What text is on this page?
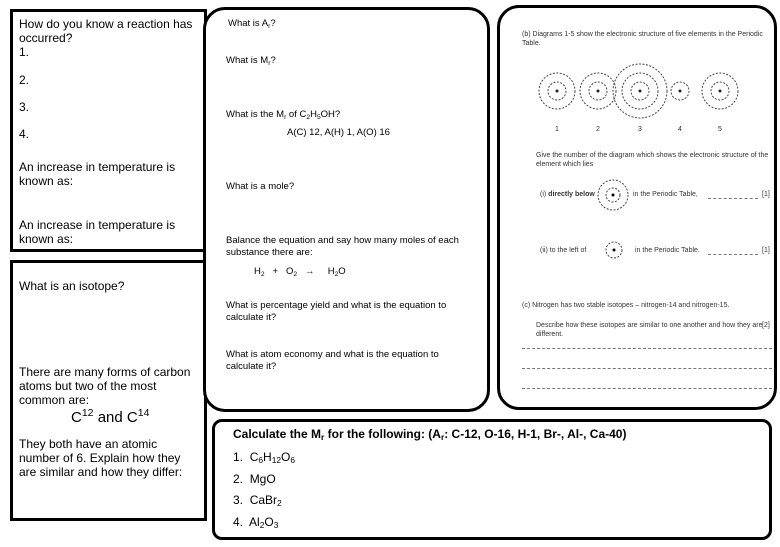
How do you know a reaction has occurred?
1.
2.
3.
4.
An increase in temperature is known as:
An increase in temperature is known as:
What is an isotope?
There are many forms of carbon atoms but two of the most common are:
$C^{12}$ and $C^{14}$
They both have an atomic number of 6. Explain how they are similar and how they differ:
What is $A_r$?
What is $M_r$?
What is the $M_r$ of $C_2H_5OH$?
A(C) 12, A(H) 1, A(O) 16
What is a mole?
Balance the equation and say how many moles of each substance there are:
$H_2 + O_2 \to H_2O$
What is percentage yield and what is the equation to calculate it?
What is atom economy and what is the equation to calculate it?
(b) Diagrams 1-5 show the electronic structure of five elements in the Periodic Table.
1	2	3	4	5
Give the number of the diagram which shows the electronic structure of the element which lies
(i) directly below	in the Periodic Table,	[1]
(ii) to the left of	in the Periodic Table.	[1]
(c) Nitrogen has two stable isotopes – nitrogen-14 and nitrogen-15.
Describe how these isotopes are similar to one another and how they are different.
[2]
Calculate the $M_r$ for the following: ($A_r$: C-12, O-16, H-1, Br-, Al-, Ca-40)
1. $C_6H_{12}O_6$
2. MgO
3. CaBr$_2$
4. $Al_2O_3$
